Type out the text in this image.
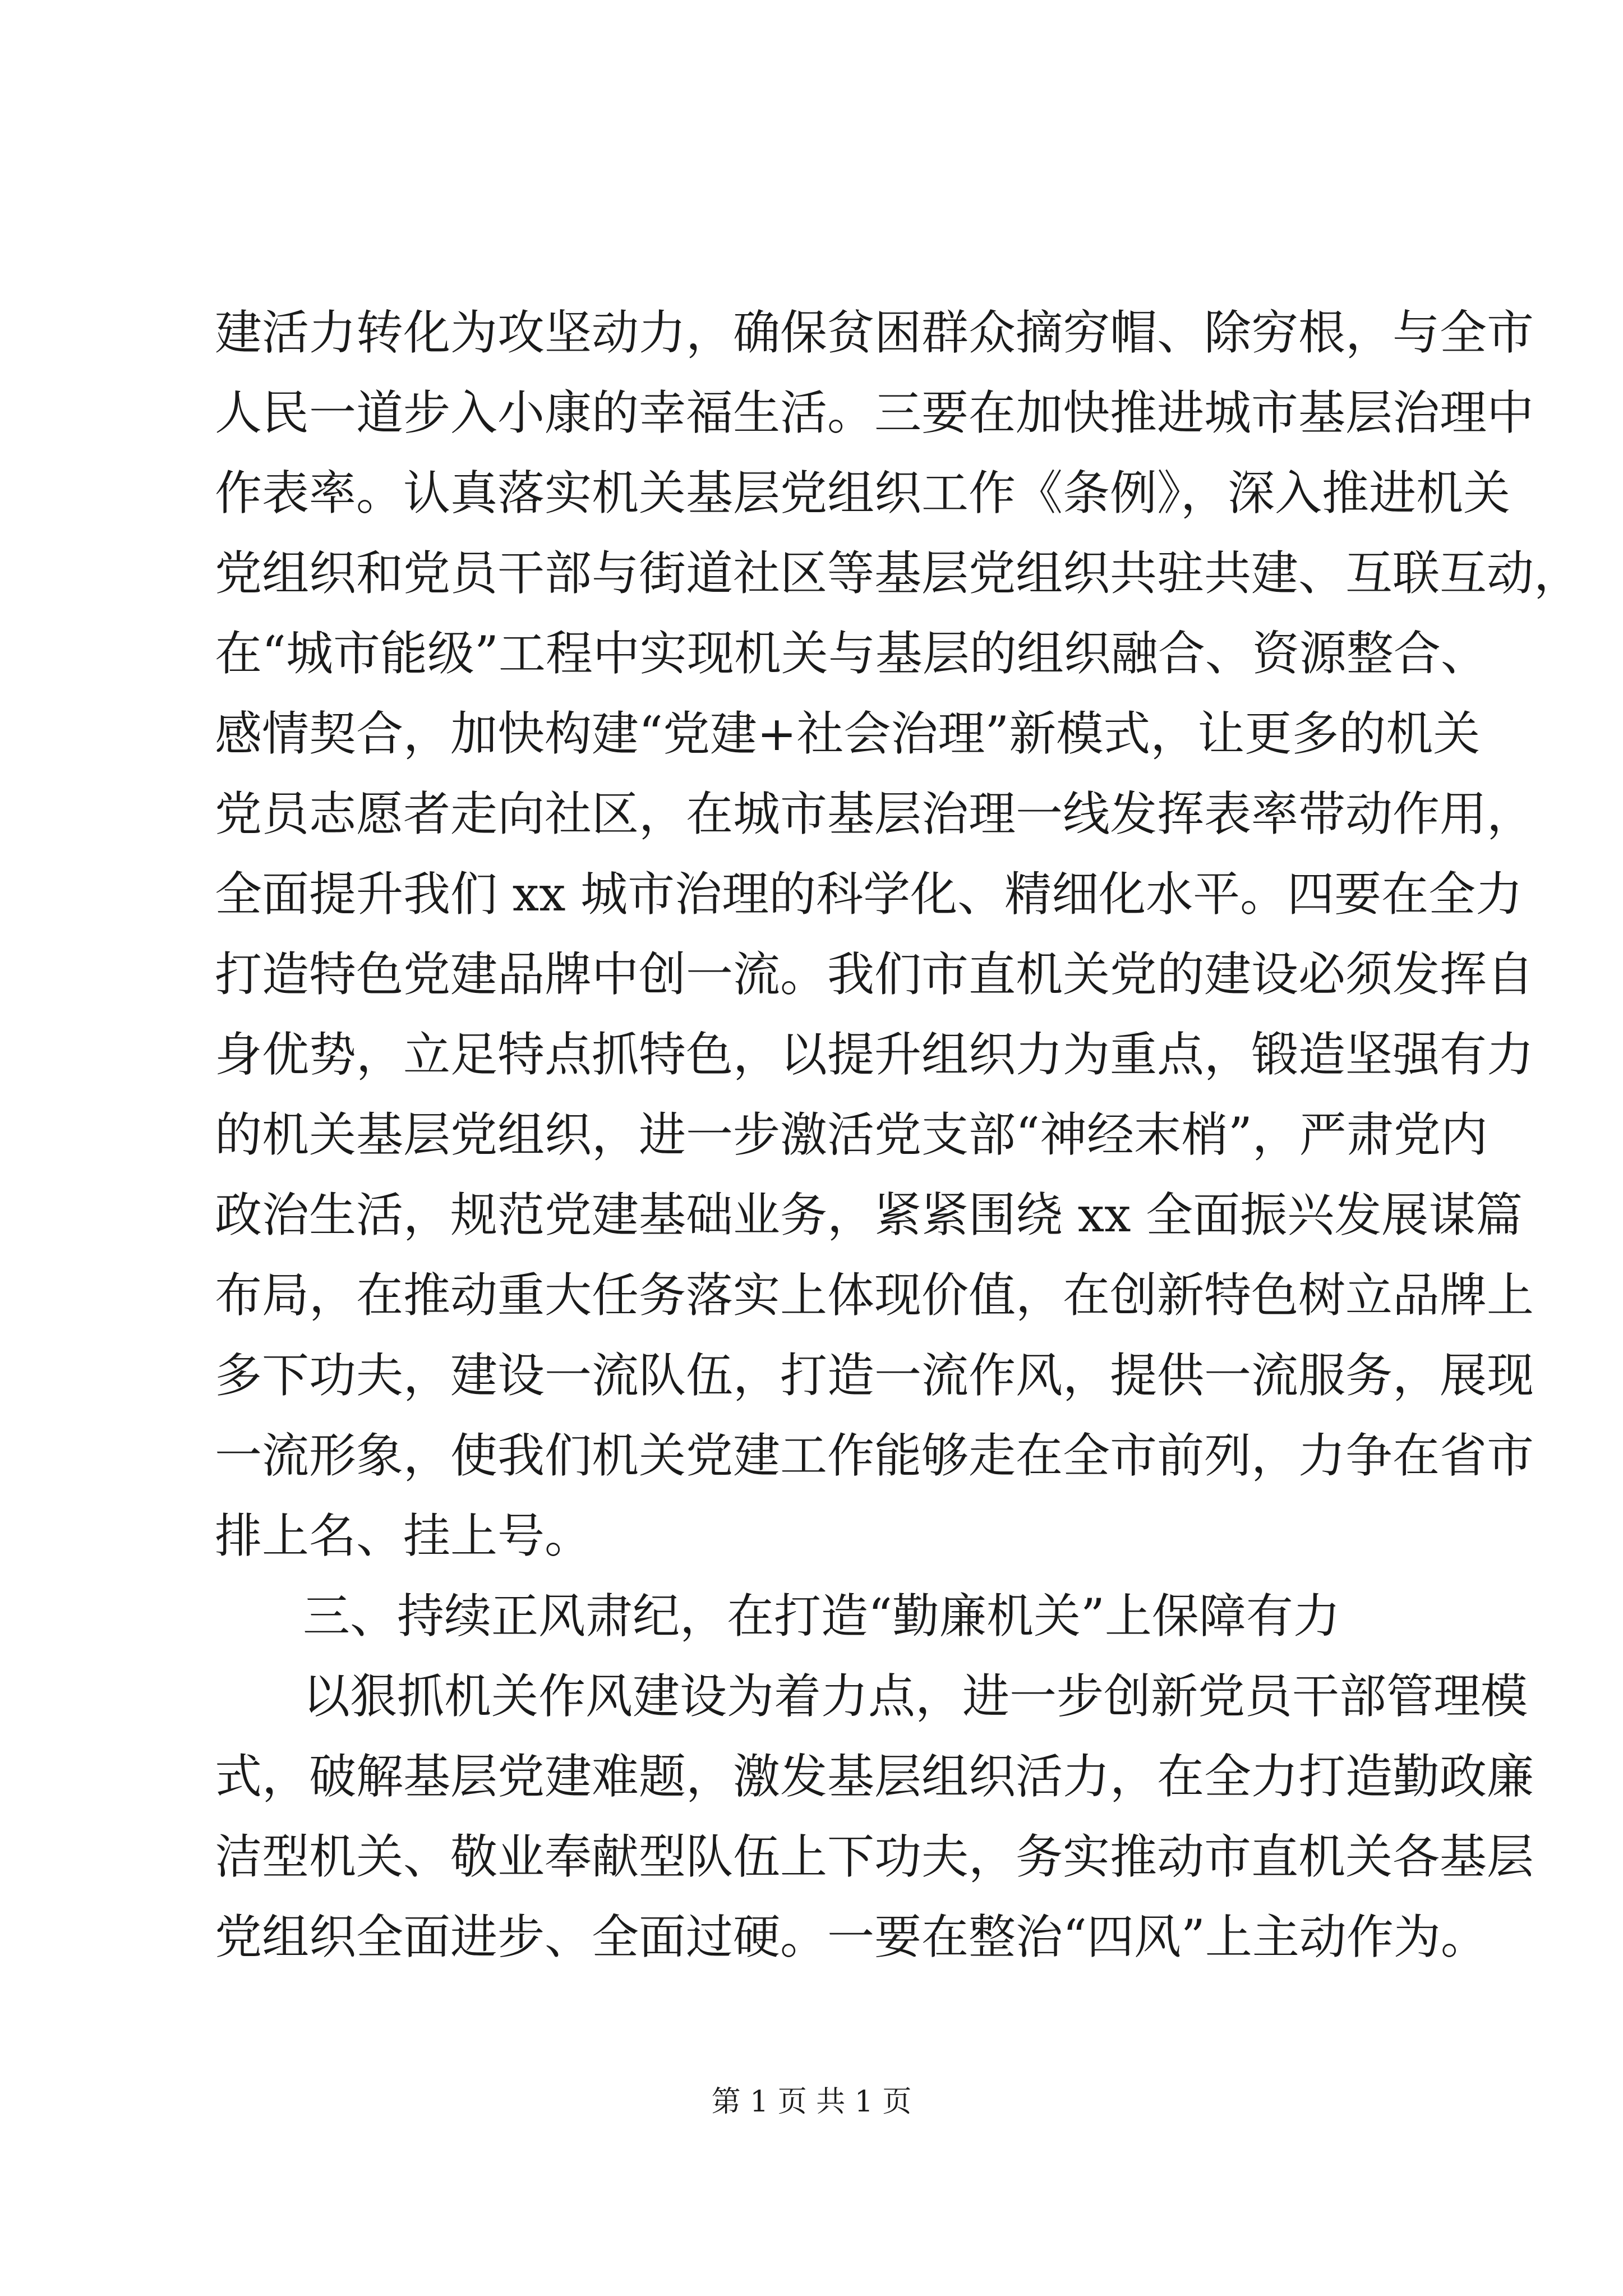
建活力转化为攻坚动力，确保贫困群众摘穷帽、除穷根，与全市
人民一道步入小康的幸福生活。三要在加快推进城市基层治理中
作表率。认真落实机关基层党组织工作《条例》，深入推进机关
党组织和党员干部与街道社区等基层党组织共驻共建、互联互动，
在“城市能级”工程中实现机关与基层的组织融合、资源整合、
感情契合，加快构建“党建+社会治理”新模式，让更多的机关
党员志愿者走向社区，在城市基层治理一线发挥表率带动作用，
全面提升我们 xx 城市治理的科学化、精细化水平。四要在全力
打造特色党建品牌中创一流。我们市直机关党的建设必须发挥自
身优势，立足特点抓特色，以提升组织力为重点，锻造坚强有力
的机关基层党组织，进一步激活党支部“神经末梢”，严肃党内
政治生活，规范党建基础业务，紧紧围绕 xx 全面振兴发展谋篇
布局，在推动重大任务落实上体现价值，在创新特色树立品牌上
多下功夫，建设一流队伍，打造一流作风，提供一流服务，展现
一流形象，使我们机关党建工作能够走在全市前列，力争在省市
排上名、挂上号。
三、持续正风肃纪，在打造“勤廉机关”上保障有力
以狠抓机关作风建设为着力点，进一步创新党员干部管理模
式，破解基层党建难题，激发基层组织活力，在全力打造勤政廉
洁型机关、敬业奉献型队伍上下功夫，务实推动市直机关各基层
党组织全面进步、全面过硬。一要在整治“四风”上主动作为。
第 1 页 共 1 页
